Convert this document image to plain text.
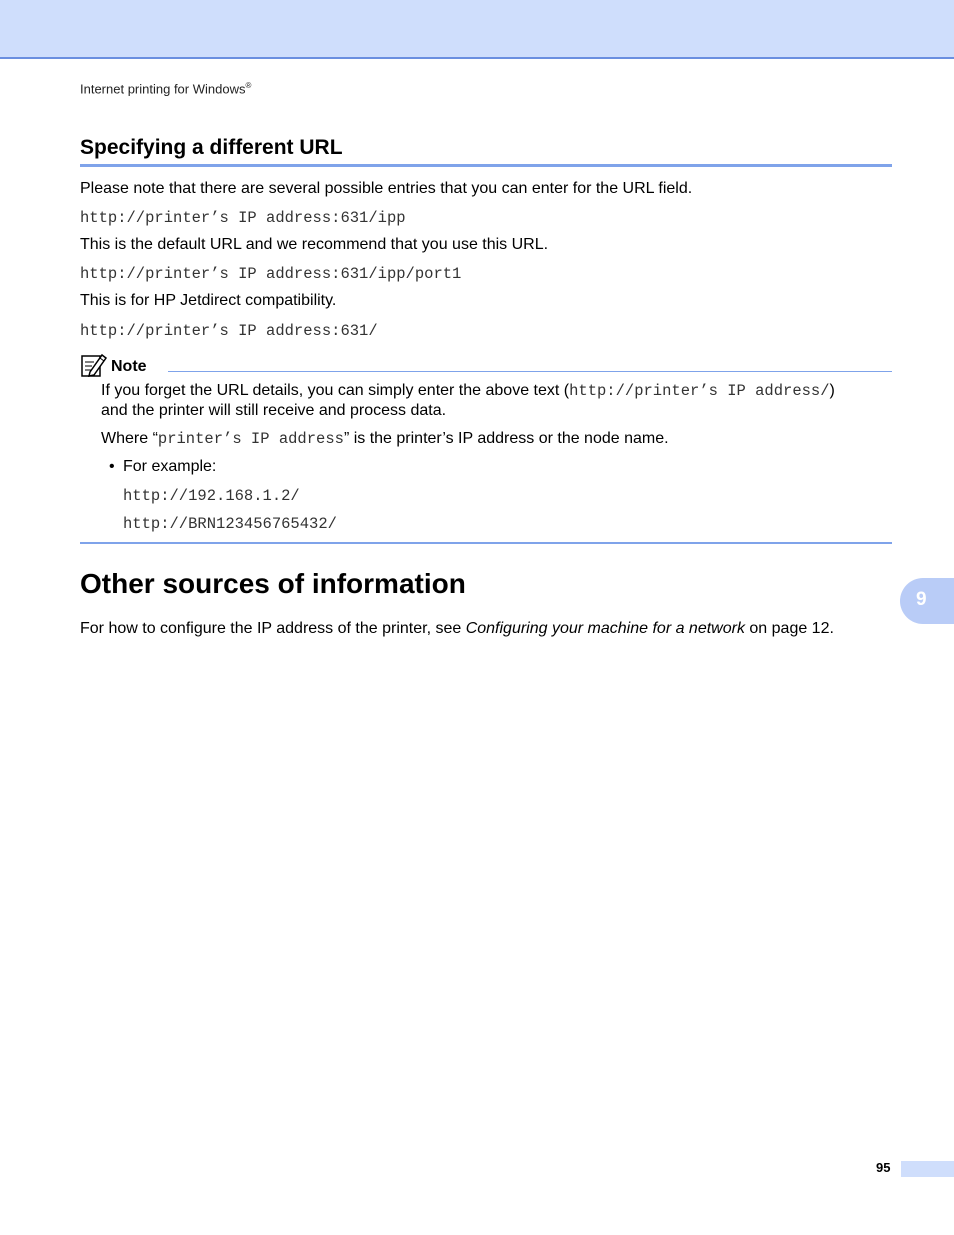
Internet printing for Windows®
Specifying a different URL
Please note that there are several possible entries that you can enter for the URL field.
http://printer’s IP address:631/ipp
This is the default URL and we recommend that you use this URL.
http://printer’s IP address:631/ipp/port1
This is for HP Jetdirect compatibility.
http://printer’s IP address:631/
Note
If you forget the URL details, you can simply enter the above text (http://printer’s IP address/)
and the printer will still receive and process data.
Where “printer’s IP address” is the printer’s IP address or the node name.
• For example:
http://192.168.1.2/
http://BRN123456765432/
Other sources of information
9
For how to configure the IP address of the printer, see Configuring your machine for a network on page 12.
95
